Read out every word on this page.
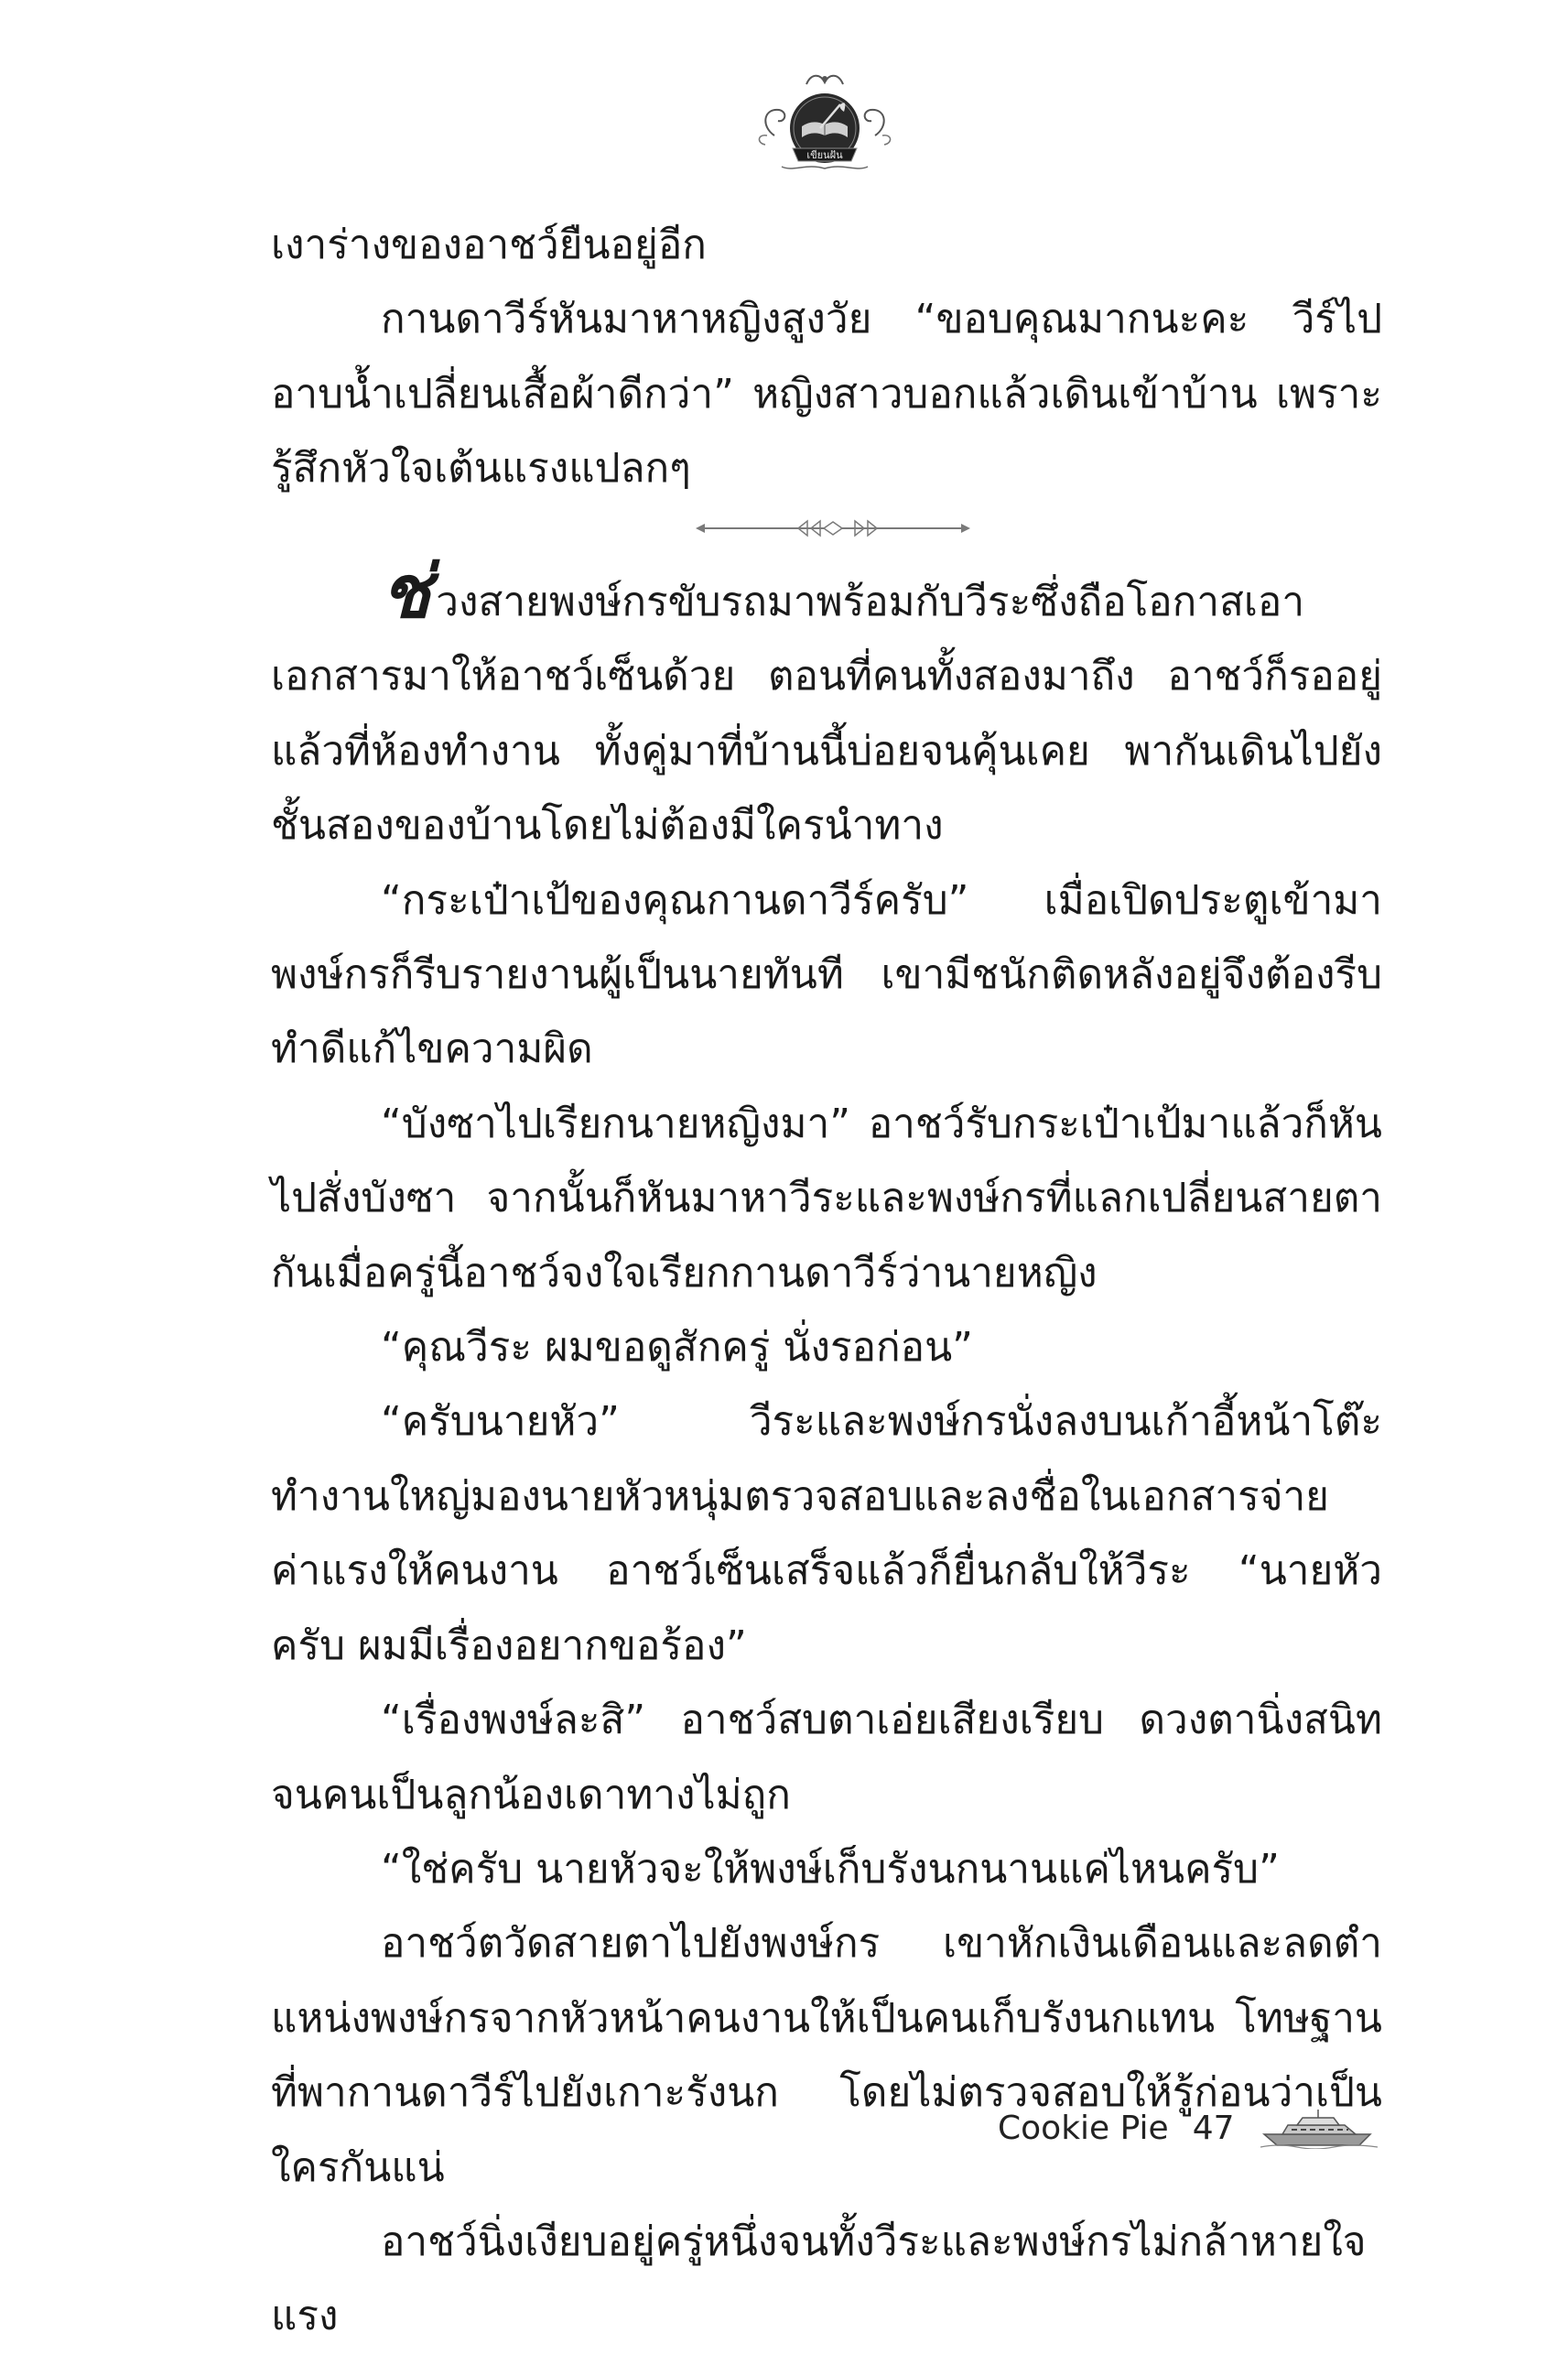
เขียนฝัน

เงาร่างของอาชว์ยืนอยู่อีก

กานดาวีร์หันมาหาหญิงสูงวัย “ขอบคุณมากนะคะ วีร์ไปอาบน้ำเปลี่ยนเสื้อผ้าดีกว่า” หญิงสาวบอกแล้วเดินเข้าบ้าน เพราะรู้สึกหัวใจเต้นแรงแปลกๆ

ช่วงสายพงษ์กรขับรถมาพร้อมกับวีระซึ่งถือโอกาสเอาเอกสารมาให้อาชว์เซ็นด้วย ตอนที่คนทั้งสองมาถึง อาชว์ก็รออยู่แล้วที่ห้องทำงาน ทั้งคู่มาที่บ้านนี้บ่อยจนคุ้นเคย พากันเดินไปยังชั้นสองของบ้านโดยไม่ต้องมีใครนำทาง

“กระเป๋าเป้ของคุณกานดาวีร์ครับ” เมื่อเปิดประตูเข้ามาพงษ์กรก็รีบรายงานผู้เป็นนายทันที เขามีชนักติดหลังอยู่จึงต้องรีบทำดีแก้ไขความผิด

“บังซาไปเรียกนายหญิงมา” อาชว์รับกระเป๋าเป้มาแล้วก็หันไปสั่งบังซา จากนั้นก็หันมาหาวีระและพงษ์กรที่แลกเปลี่ยนสายตากันเมื่อครู่นี้อาชว์จงใจเรียกกานดาวีร์ว่านายหญิง

“คุณวีระ ผมขอดูสักครู่ นั่งรอก่อน”

“ครับนายหัว” วีระและพงษ์กรนั่งลงบนเก้าอี้หน้าโต๊ะทำงานใหญ่มองนายหัวหนุ่มตรวจสอบและลงชื่อในเอกสารจ่ายค่าแรงให้คนงาน อาชว์เซ็นเสร็จแล้วก็ยื่นกลับให้วีระ “นายหัวครับ ผมมีเรื่องอยากขอร้อง”

“เรื่องพงษ์ละสิ” อาชว์สบตาเอ่ยเสียงเรียบ ดวงตานิ่งสนิทจนคนเป็นลูกน้องเดาทางไม่ถูก

“ใช่ครับ นายหัวจะให้พงษ์เก็บรังนกนานแค่ไหนครับ”

อาชว์ตวัดสายตาไปยังพงษ์กร เขาหักเงินเดือนและลดตำแหน่งพงษ์กรจากหัวหน้าคนงานให้เป็นคนเก็บรังนกแทน โทษฐานที่พากานดาวีร์ไปยังเกาะรังนก โดยไม่ตรวจสอบให้รู้ก่อนว่าเป็นใครกันแน่

อาชว์นิ่งเงียบอยู่ครู่หนึ่งจนทั้งวีระและพงษ์กรไม่กล้าหายใจแรง

Cookie Pie 47
